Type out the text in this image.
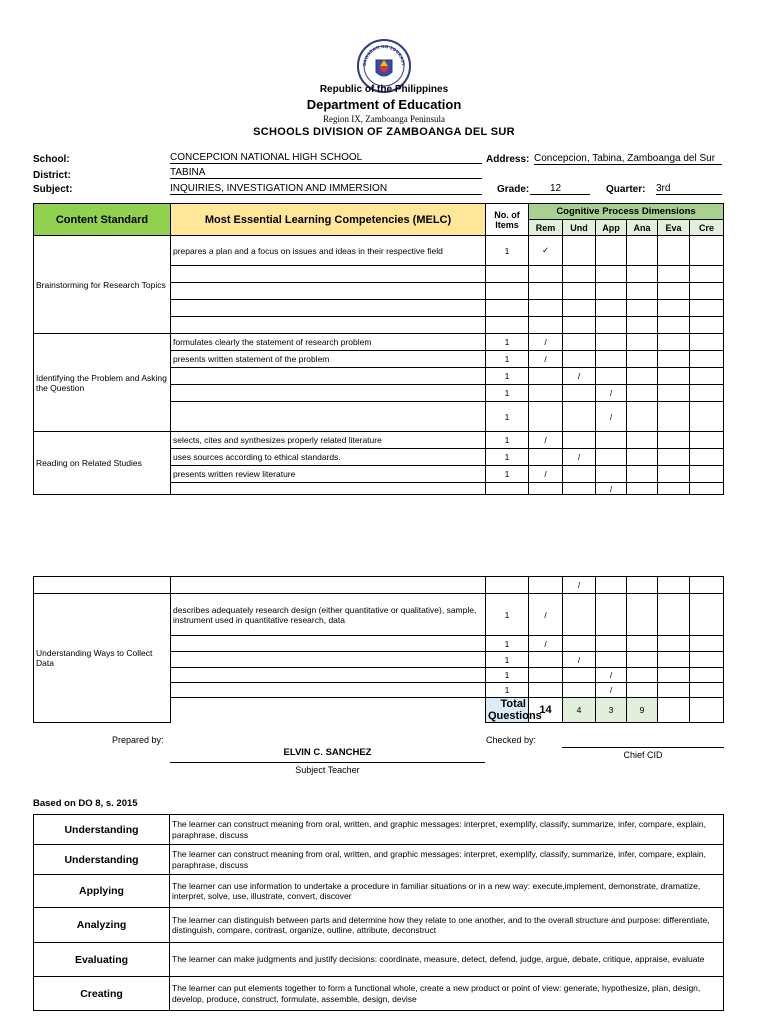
GAWARAN NG EDUKASY
Republic of the Philippines
Department of Education
Region IX, Zamboanga Peninsula
SCHOOLS DIVISION OF ZAMBOANGA DEL SUR
School:	CONCEPCION NATIONAL HIGH SCHOOL
District:	TABINA
Subject:	INQUIRIES, INVESTIGATION AND IMMERSION
Address: Concepcion, Tabina, Zamboanga del Sur
Grade:	12	Quarter: 3rd
Content Standard	Most Essential Learning Competencies (MELC)	No. of Items	Cognitive Process Dimensions					
			Rem	Und	App	Ana	Eva	Cre
Brainstorming for Research Topics	prepares a plan and a focus on issues and ideas in their respective field	1	✓					

Identifying the Problem and Asking the Question	formulates clearly the statement of research problem	1	/					
	presents written statement of the problem	1	/					
		1		/				
		1			/			
		1			/			
Reading on Related Studies	selects, cites and synthesizes properly related literature	1	/					
	uses sources according to ethical standards.	1		/				
	presents written review literature	1	/					
					/			
				/					
Understanding Ways to Collect Data	describes adequately research design (either quantitative or qualitative), sample, instrument used in quantitative research, data	1	/						
		1	/						
		1		/					
		1			/				
		1			/				
		Total Questions	14	4	3	9			
Prepared by:
ELVIN C. SANCHEZ
Subject Teacher
Checked by:
Chief CID
Based on DO 8, s. 2015
Understanding	The learner can construct meaning from oral, written, and graphic messages: interpret, exemplify, classify, summarize, infer, compare, explain, paraphrase, discuss
Understanding	The learner can construct meaning from oral, written, and graphic messages: interpret, exemplify, classify, summarize, infer, compare, explain, paraphrase, discuss
Applying	The learner can use information to undertake a procedure in familiar situations or in a new way: execute,implement, demonstrate, dramatize, interpret, solve, use, illustrate, convert, discover
Analyzing	The learner can distinguish between parts and determine how they relate to one another, and to the overall structure and purpose: differentiate, distinguish, compare, contrast, organize, outline, attribute, deconstruct
Evaluating	The learner can make judgments and justify decisions: coordinate, measure, detect, defend, judge, argue, debate, critique, appraise, evaluate
Creating	The learner can put elements together to form a functional whole, create a new product or point of view: generate, hypothesize, plan, design, develop, produce, construct, formulate, assemble, design, devise
